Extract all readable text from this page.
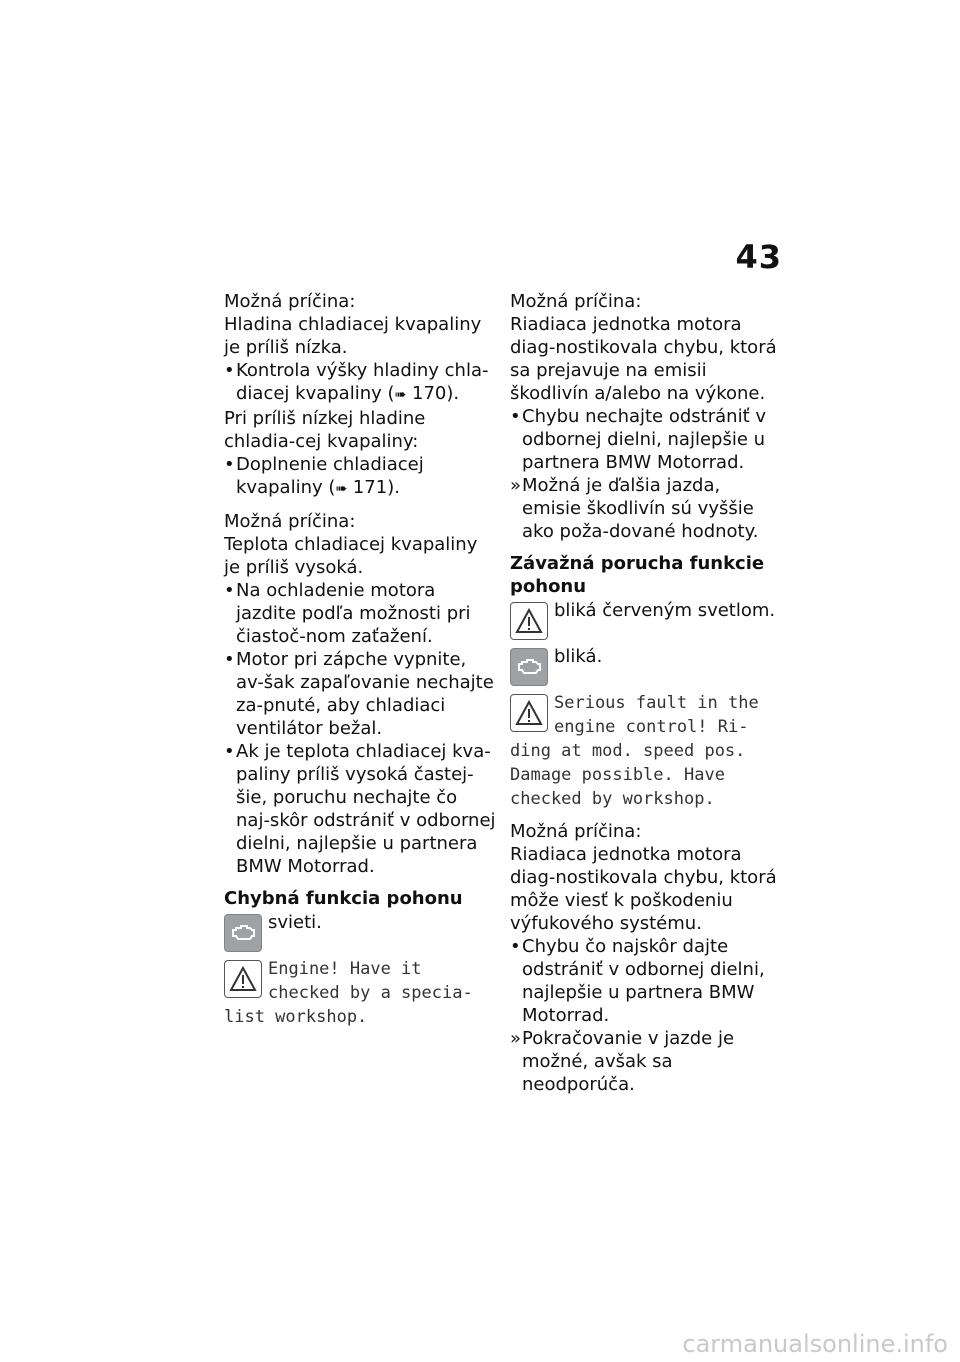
43

Možná príčina:

Hladina chladiacej kvapaliny je príliš nízka.

• Kontrola výšky hladiny chla-diacej kvapaliny (➠ 170).

Pri príliš nízkej hladine chladia-cej kvapaliny:

• Doplnenie chladiacej kvapaliny (➠ 171).

Možná príčina:

Teplota chladiacej kvapaliny je príliš vysoká.

• Na ochladenie motora jazdite podľa možnosti pri čiastoč-nom zaťažení.
• Motor pri zápche vypnite, av-šak zapaľovanie nechajte za-pnuté, aby chladiaci ventilátor bežal.
• Ak je teplota chladiacej kva-paliny príliš vysoká častej-šie, poruchu nechajte čo naj-skôr odstrániť v odbornej dielni, najlepšie u partnera BMW Motorrad.

Chybná funkcia pohonu

svieti.
Engine! Have it checked by a specia-list workshop.

Možná príčina:

Riadiaca jednotka motora diag-nostikovala chybu, ktorá sa prejavuje na emisii škodlivín a/alebo na výkone.

• Chybu nechajte odstrániť v odbornej dielni, najlepšie u partnera BMW Motorrad.
» Možná je ďalšia jazda, emisie škodlivín sú vyššie ako poža-dované hodnoty.

Závažná porucha funkcie pohonu

bliká červeným svetlom.
bliká.
Serious fault in the engine control! Ri-ding at mod. speed pos. Damage possible. Have checked by workshop.

Možná príčina:

Riadiaca jednotka motora diag-nostikovala chybu, ktorá môže viesť k poškodeniu výfukového systému.

• Chybu čo najskôr dajte odstrániť v odbornej dielni, najlepšie u partnera BMW Motorrad.
» Pokračovanie v jazde je možné, avšak sa neodporúča.
carmanualsonline.info
